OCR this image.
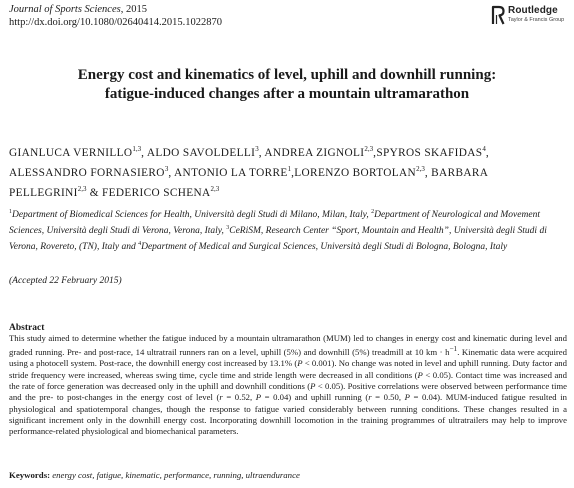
Journal of Sports Sciences, 2015
http://dx.doi.org/10.1080/02640414.2015.1022870
Routledge
Taylor & Francis Group
Energy cost and kinematics of level, uphill and downhill running:
fatigue-induced changes after a mountain ultramarathon
GIANLUCA VERNILLO$^{1,3}$, ALDO SAVOLDELLI$^3$, ANDREA ZIGNOLI$^{2,3}$,SPYROS SKAFIDAS$^4$, ALESSANDRO FORNASIERO$^3$, ANTONIO LA TORRE$^1$,LORENZO BORTOLAN$^{2,3}$, BARBARA PELLEGRINI$^{2,3}$ & FEDERICO SCHENA$^{2,3}$
$^1$Department of Biomedical Sciences for Health, Università degli Studi di Milano, Milan, Italy, $^2$Department of Neurological and Movement Sciences, Università degli Studi di Verona, Verona, Italy, $^3$CeRiSM, Research Center “Sport, Mountain and Health”, Università degli Studi di Verona, Rovereto, (TN), Italy and $^4$Department of Medical and Surgical Sciences, Università degli Studi di Bologna, Bologna, Italy
(Accepted 22 February 2015)
Abstract
This study aimed to determine whether the fatigue induced by a mountain ultramarathon (MUM) led to changes in energy cost and kinematic during level and graded running. Pre- and post-race, 14 ultratrail runners ran on a level, uphill (5%) and downhill (5%) treadmill at 10 km · $h^{-1}$. Kinematic data were acquired using a photocell system. Post-race, the downhill energy cost increased by 13.1% (P < 0.001). No change was noted in level and uphill running. Duty factor and stride frequency were increased, whereas swing time, cycle time and stride length were decreased in all conditions (P < 0.05). Contact time was increased and the rate of force generation was decreased only in the uphill and downhill conditions (P < 0.05). Positive correlations were observed between performance time and the pre- to post-changes in the energy cost of level (r = 0.52, P = 0.04) and uphill running (r = 0.50, P = 0.04). MUM-induced fatigue resulted in physiological and spatiotemporal changes, though the response to fatigue varied considerably between running conditions. These changes resulted in a significant increment only in the downhill energy cost. Incorporating downhill locomotion in the training programmes of ultratrailers may help to improve performance-related physiological and biomechanical parameters.
Keywords: energy cost, fatigue, kinematic, performance, running, ultraendurance
